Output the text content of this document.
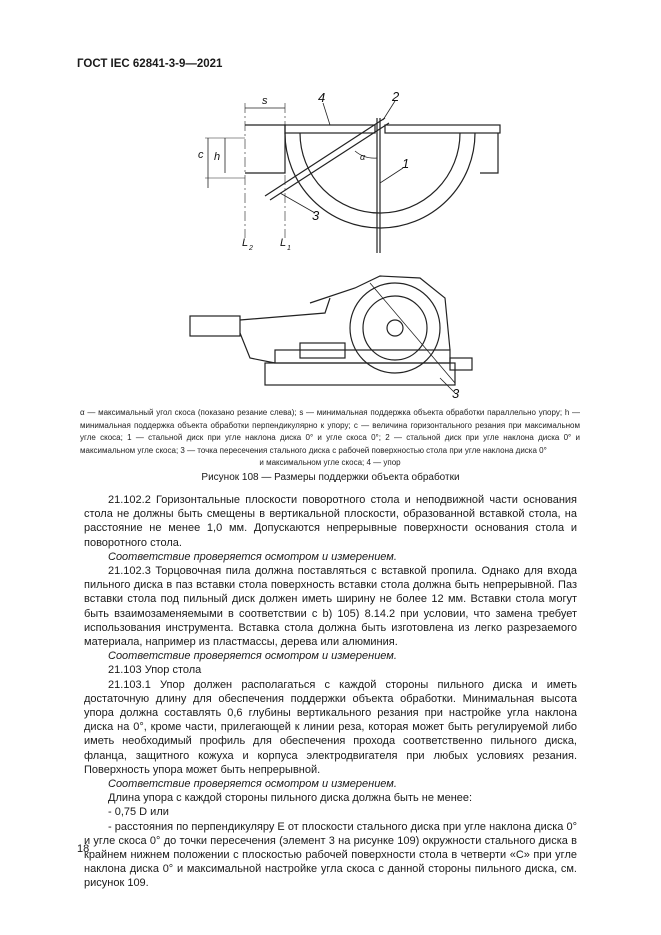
ГОСТ IEC 62841-3-9—2021
s
h
c	α
4	2
1
3
L 2 L 1
3
α — максимальный угол скоса (показано резание слева); s — минимальная поддержка объекта обработки параллельно упору; h — минимальная поддержка объекта обработки перпендикулярно к упору; c — величина горизонтального резания при максимальном угле скоса; 1 — стальной диск при угле наклона диска 0° и угле скоса 0°; 2 — стальной диск при угле наклона диска 0° и максимальном угле скоса; 3 — точка пересечения стального диска с рабочей поверхностью стола при угле наклона диска 0°
и максимальном угле скоса; 4 — упор
Рисунок 108 — Размеры поддержки объекта обработки

21.102.2 Горизонтальные плоскости поворотного стола и неподвижной части основания стола не должны быть смещены в вертикальной плоскости, образованной вставкой стола, на расстояние не менее 1,0 мм. Допускаются непрерывные поверхности основания стола и поворотного стола.

Соответствие проверяется осмотром и измерением.

21.102.3 Торцовочная пила должна поставляться с вставкой пропила. Однако для входа пильного диска в паз вставки стола поверхность вставки стола должна быть непрерывной. Паз вставки стола под пильный диск должен иметь ширину не более 12 мм. Вставки стола могут быть взаимозаменяемыми в соответствии с b) 105) 8.14.2 при условии, что замена требует использования инструмента. Вставка стола должна быть изготовлена из легко разрезаемого материала, например из пластмассы, дерева или алюминия.

Соответствие проверяется осмотром и измерением.

21.103 Упор стола

21.103.1 Упор должен располагаться с каждой стороны пильного диска и иметь достаточную длину для обеспечения поддержки объекта обработки. Минимальная высота упора должна составлять 0,6 глубины вертикального резания при настройке угла наклона диска на 0°, кроме части, прилегающей к линии реза, которая может быть регулируемой либо иметь необходимый профиль для обеспечения прохода соответственно пильного диска, фланца, защитного кожуха и корпуса электродвигателя при любых условиях резания. Поверхность упора может быть непрерывной.

Соответствие проверяется осмотром и измерением.

Длина упора с каждой стороны пильного диска должна быть не менее:

- 0,75 D или

- расстояния по перпендикуляру E от плоскости стального диска при угле наклона диска 0° и угле скоса 0° до точки пересечения (элемент 3 на рисунке 109) окружности стального диска в крайнем нижнем положении с плоскостью рабочей поверхности стола в четверти «C» при угле наклона диска 0° и максимальной настройке угла скоса с данной стороны пильного диска, см. рисунок 109.

18
